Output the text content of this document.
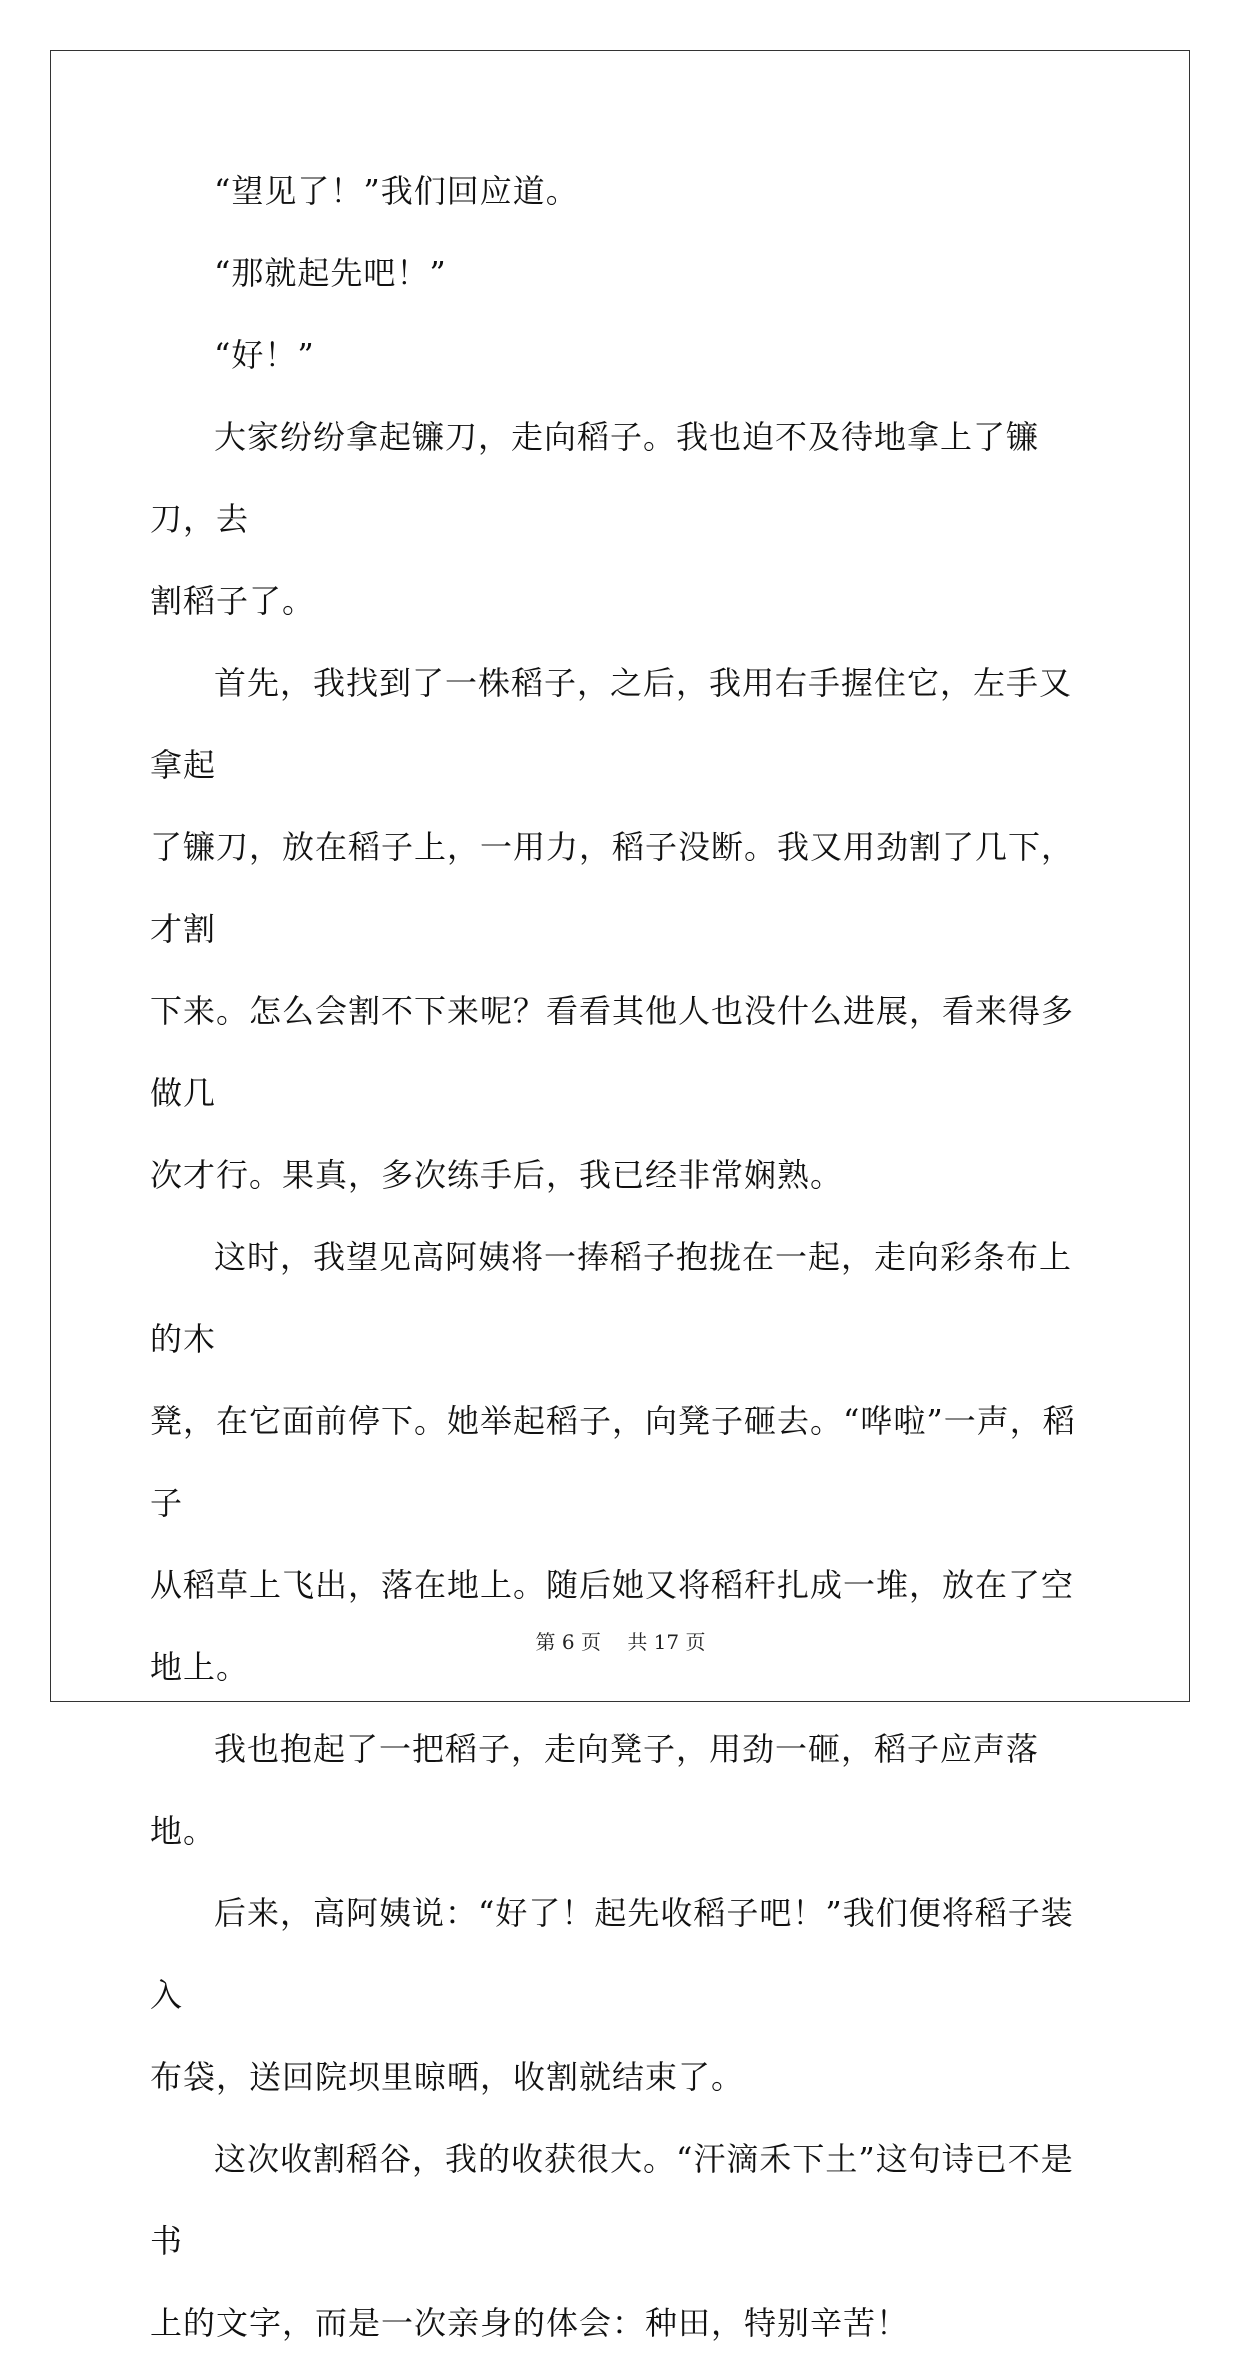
“望见了！”我们回应道。

“那就起先吧！”

“好！”

大家纷纷拿起镰刀，走向稻子。我也迫不及待地拿上了镰刀，去
割稻子了。

首先，我找到了一株稻子，之后，我用右手握住它，左手又拿起
了镰刀，放在稻子上，一用力，稻子没断。我又用劲割了几下，才割
下来。怎么会割不下来呢？看看其他人也没什么进展，看来得多做几
次才行。果真，多次练手后，我已经非常娴熟。

这时，我望见高阿姨将一捧稻子抱拢在一起，走向彩条布上的木
凳，在它面前停下。她举起稻子，向凳子砸去。“哗啦”一声，稻子
从稻草上飞出，落在地上。随后她又将稻秆扎成一堆，放在了空地上。

我也抱起了一把稻子，走向凳子，用劲一砸，稻子应声落地。

后来，高阿姨说：“好了！起先收稻子吧！”我们便将稻子装入
布袋，送回院坝里晾晒，收割就结束了。

这次收割稻谷，我的收获很大。“汗滴禾下土”这句诗已不是书
上的文字，而是一次亲身的体会：种田，特别辛苦！

第 6 页 共 17 页
